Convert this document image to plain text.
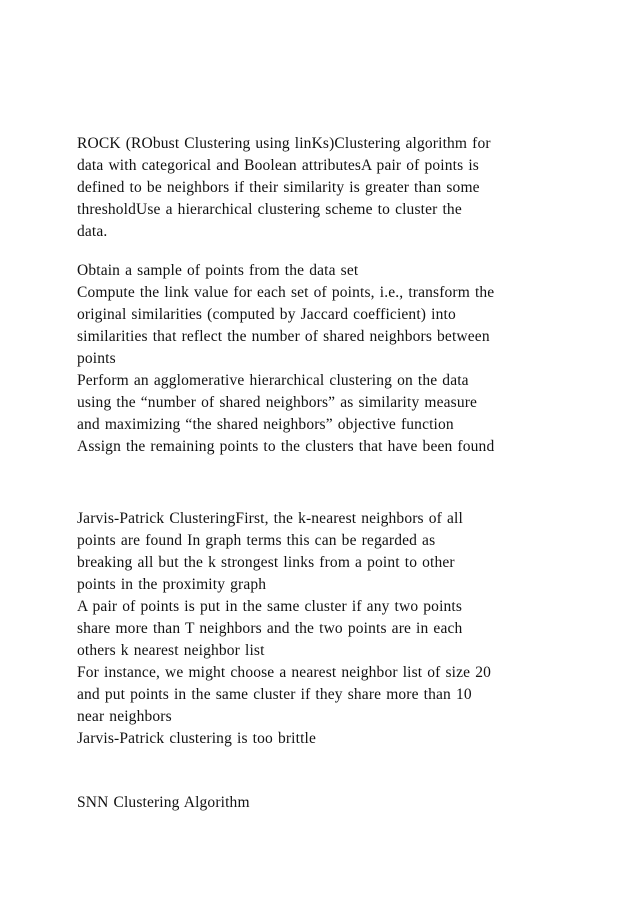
ROCK (RObust Clustering using linKs)Clustering algorithm for
data with categorical and Boolean attributesA pair of points is
defined to be neighbors if their similarity is greater than some
thresholdUse a hierarchical clustering scheme to cluster the
data.
Obtain a sample of points from the data set
Compute the link value for each set of points, i.e., transform the
original similarities (computed by Jaccard coefficient) into
similarities that reflect the number of shared neighbors between
points
Perform an agglomerative hierarchical clustering on the data
using the “number of shared neighbors” as similarity measure
and maximizing “the shared neighbors” objective function
Assign the remaining points to the clusters that have been found
Jarvis-Patrick ClusteringFirst, the k-nearest neighbors of all
points are found In graph terms this can be regarded as
breaking all but the k strongest links from a point to other
points in the proximity graph
A pair of points is put in the same cluster if any two points
share more than T neighbors and the two points are in each
others k nearest neighbor list
For instance, we might choose a nearest neighbor list of size 20
and put points in the same cluster if they share more than 10
near neighbors
Jarvis-Patrick clustering is too brittle
SNN Clustering Algorithm
